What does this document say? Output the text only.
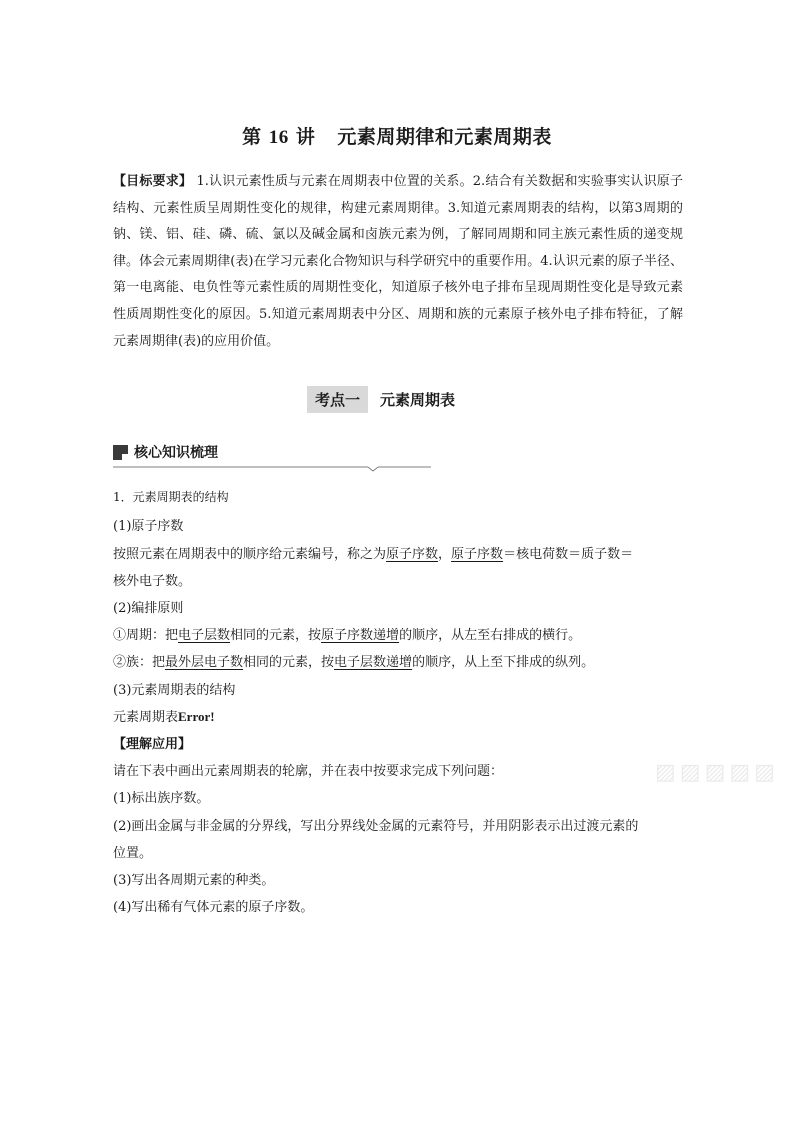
第 16 讲 元素周期律和元素周期表

【目标要求】 1.认识元素性质与元素在周期表中位置的关系。2.结合有关数据和实验事实认识原子结构、元素性质呈周期性变化的规律，构建元素周期律。3.知道元素周期表的结构，以第3周期的钠、镁、铝、硅、磷、硫、氯以及碱金属和卤族元素为例，了解同周期和同主族元素性质的递变规律。体会元素周期律(表)在学习元素化合物知识与科学研究中的重要作用。4.认识元素的原子半径、第一电离能、电负性等元素性质的周期性变化，知道原子核外电子排布呈现周期性变化是导致元素性质周期性变化的原因。5.知道元素周期表中分区、周期和族的元素原子核外电子排布特征，了解元素周期律(表)的应用价值。

考点一	元素周期表
核心知识梳理

1．元素周期表的结构

(1)原子序数

按照元素在周期表中的顺序给元素编号，称之为原子序数，原子序数＝核电荷数＝质子数＝

核外电子数。

(2)编排原则

①周期：把电子层数相同的元素，按原子序数递增的顺序，从左至右排成的横行。

②族：把最外层电子数相同的元素，按电子层数递增的顺序，从上至下排成的纵列。

(3)元素周期表的结构

元素周期表Error!

【理解应用】

请在下表中画出元素周期表的轮廓，并在表中按要求完成下列问题：

(1)标出族序数。

(2)画出金属与非金属的分界线，写出分界线处金属的元素符号，并用阴影表示出过渡元素的

位置。

(3)写出各周期元素的种类。

(4)写出稀有气体元素的原子序数。

▨▨▨▨▨
